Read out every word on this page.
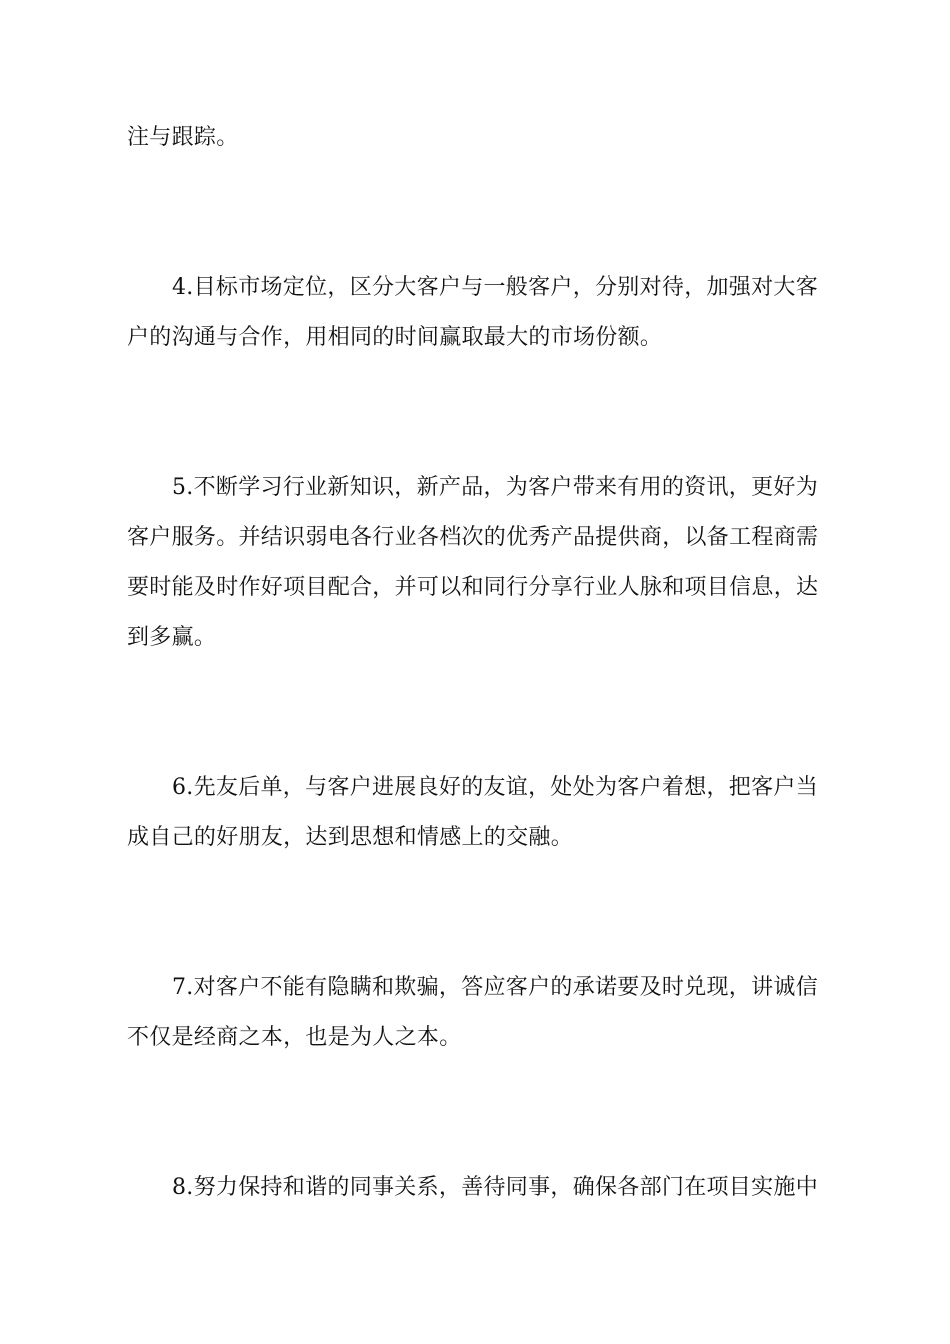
注与跟踪。
4.目标市场定位，区分大客户与一般客户，分别对待，加强对大客
户的沟通与合作，用相同的时间赢取最大的市场份额。
5.不断学习行业新知识，新产品，为客户带来有用的资讯，更好为
客户服务。并结识弱电各行业各档次的优秀产品提供商，以备工程商需
要时能及时作好项目配合，并可以和同行分享行业人脉和项目信息，达
到多赢。
6.先友后单，与客户进展良好的友谊，处处为客户着想，把客户当
成自己的好朋友，达到思想和情感上的交融。
7.对客户不能有隐瞒和欺骗，答应客户的承诺要及时兑现，讲诚信
不仅是经商之本，也是为人之本。
8.努力保持和谐的同事关系，善待同事，确保各部门在项目实施中
